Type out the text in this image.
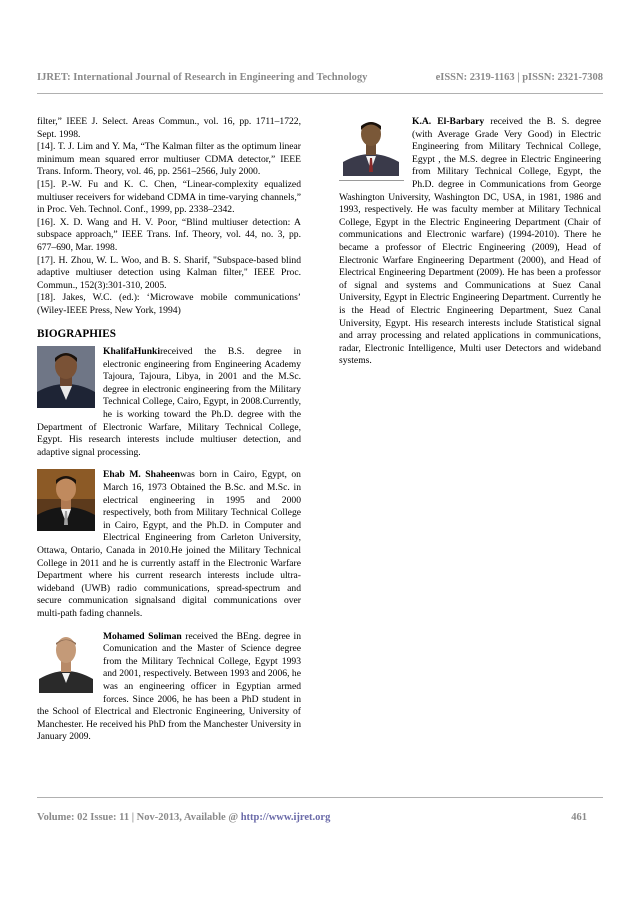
IJRET: International Journal of Research in Engineering and Technology	eISSN: 2319-1163 | pISSN: 2321-7308

filter,” IEEE J. Select. Areas Commun., vol. 16, pp. 1711–1722, Sept. 1998.

[14]. T. J. Lim and Y. Ma, “The Kalman filter as the optimum linear minimum mean squared error multiuser CDMA detector,” IEEE Trans. Inform. Theory, vol. 46, pp. 2561–2566, July 2000.

[15]. P.-W. Fu and K. C. Chen, “Linear-complexity equalized multiuser receivers for wideband CDMA in time-varying channels,” in Proc. Veh. Technol. Conf., 1999, pp. 2338–2342.

[16]. X. D. Wang and H. V. Poor, “Blind multiuser detection: A subspace approach,” IEEE Trans. Inf. Theory, vol. 44, no. 3, pp. 677–690, Mar. 1998.

[17]. H. Zhou, W. L. Woo, and B. S. Sharif, "Subspace-based blind adaptive multiuser detection using Kalman filter," IEEE Proc. Commun., 152(3):301-310, 2005.

[18]. Jakes, W.C. (ed.): ‘Microwave mobile communications’ (Wiley-IEEE Press, New York, 1994)

BIOGRAPHIES
KhalifaHunkireceived the B.S. degree in electronic engineering from Engineering Academy Tajoura, Tajoura, Libya, in 2001 and the M.Sc. degree in electronic engineering from the Military Technical College, Cairo, Egypt, in 2008.Currently, he is working toward the Ph.D. degree with the Department of Electronic Warfare, Military Technical College, Egypt. His research interests include multiuser detection, and adaptive signal processing.
Ehab M. Shaheenwas born in Cairo, Egypt, on March 16, 1973 Obtained the B.Sc. and M.Sc. in electrical engineering in 1995 and 2000 respectively, both from Military Technical College in Cairo, Egypt, and the Ph.D. in Computer and Electrical Engineering from Carleton University, Ottawa, Ontario, Canada in 2010.He joined the Military Technical College in 2011 and he is currently astaff in the Electronic Warfare Department where his current research interests include ultra-wideband (UWB) radio communications, spread-spectrum and secure communication signalsand digital communications over multi-path fading channels.
Mohamed Soliman received the BEng. degree in Comunication and the Master of Science degree from the Military Technical College, Egypt 1993 and 2001, respectively. Between 1993 and 2006, he was an engineering officer in Egyptian armed forces. Since 2006, he has been a PhD student in the School of Electrical and Electronic Engineering, University of Manchester. He received his PhD from the Manchester University in January 2009.
K.A. El-Barbary received the B. S. degree (with Average Grade Very Good) in Electric Engineering from Military Technical College, Egypt , the M.S. degree in Electric Engineering from Military Technical College, Egypt, the Ph.D. degree in Communications from George Washington University, Washington DC, USA, in 1981, 1986 and 1993, respectively. He was faculty member at Military Technical College, Egypt in the Electric Engineering Department (Chair of communications and Electronic warfare) (1994-2010). There he became a professor of Electric Engineering (2009), Head of Electronic Warfare Engineering Department (2000), and Head of Electrical Engineering Department (2009). He has been a professor of signal and systems and Communications at Suez Canal University, Egypt in Electric Engineering Department. Currently he is the Head of Electric Engineering Department, Suez Canal University, Egypt. His research interests include Statistical signal and array processing and related applications in communications, radar, Electronic Intelligence, Multi user Detectors and wideband systems.
Volume: 02 Issue: 11 | Nov-2013, Available @ http://www.ijret.org	461
